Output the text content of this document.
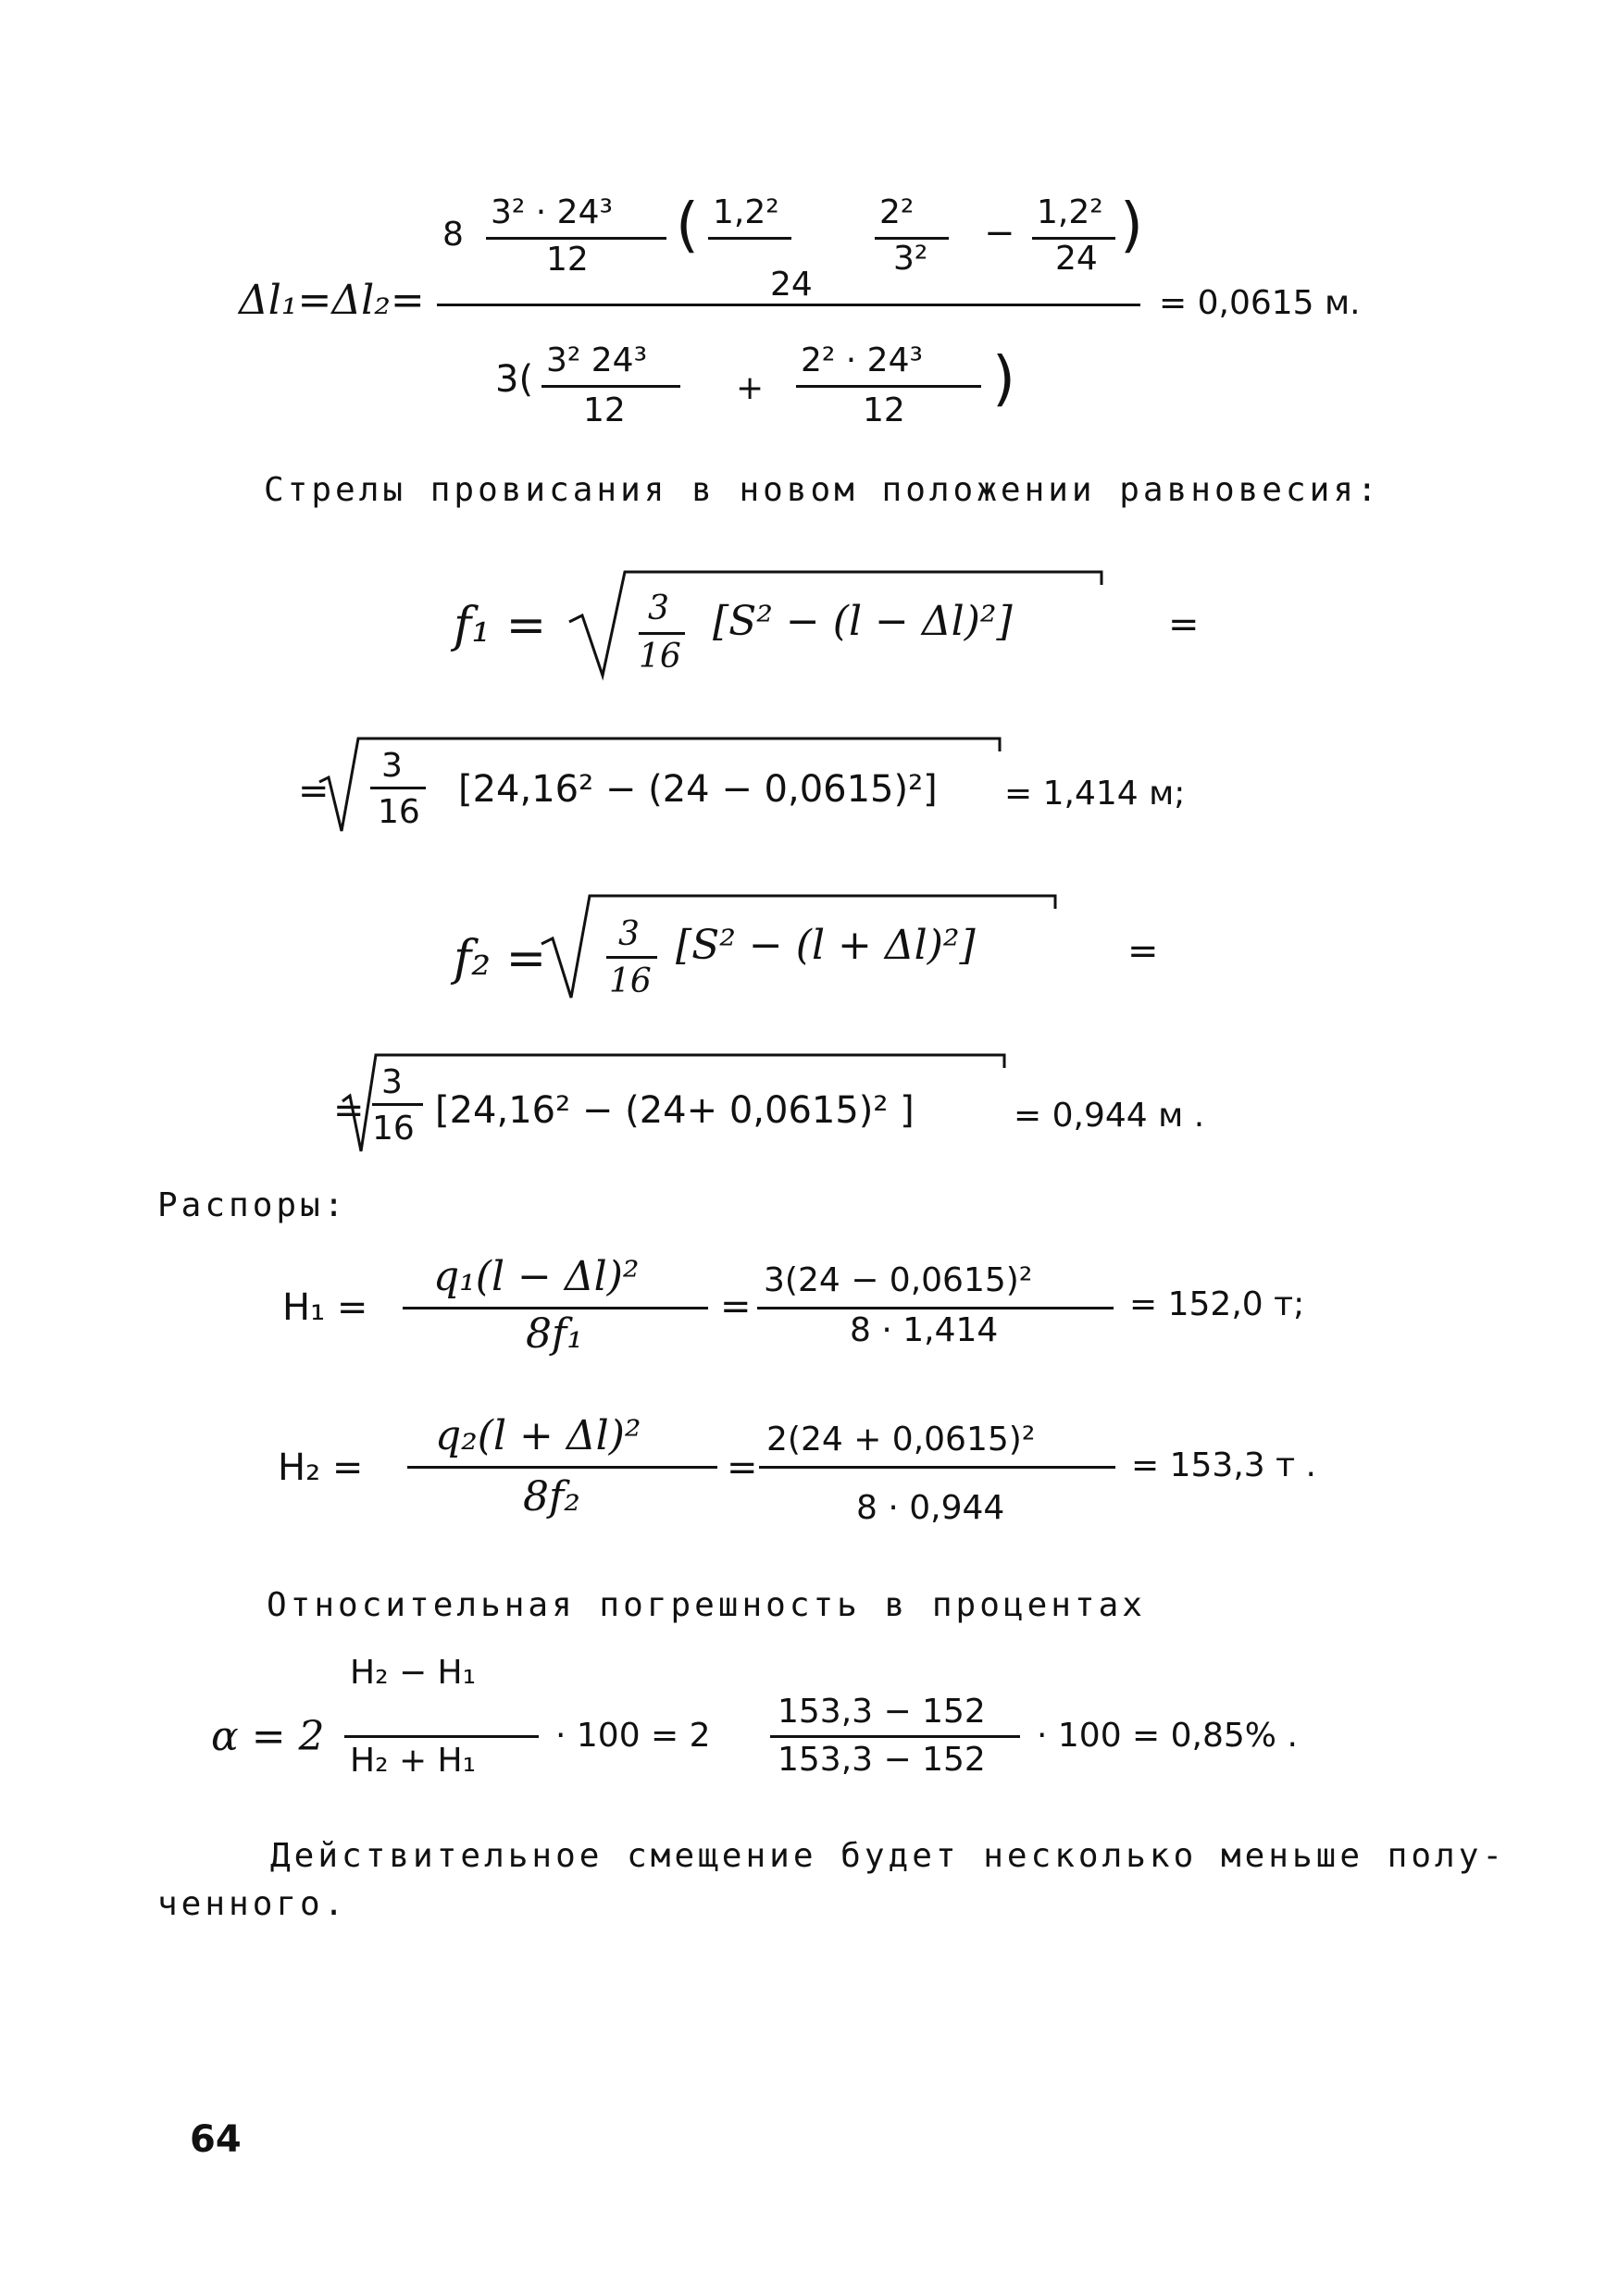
Δl₁=Δl₂=
8
3² · 24³
12 ( 1,2²
24
2²
3²
− 1,2²
24 )
= 0,0615 м.
3( 3² 24³
12
+
2² · 24³
12 )
Стрелы провисания в новом положении равновесия:
f₁ =	3
16
[S² − (l − Δl)²]	=
=
3
16
[24,16² − (24 − 0,0615)²] = 1,414 м;
f₂ = 3
16
[S² − (l + Δl)²]	=
=
3
16 [24,16² − (24+ 0,0615)² ]	= 0,944 м .
Распоры:
H₁ =
q₁(l − Δl)²
8f₁
=
3(24 − 0,0615)²
8 · 1,414
= 152,0 т;
H₂ =
q₂(l + Δl)²
8f₂
=
2(24 + 0,0615)²
8 · 0,944
= 153,3 т .
Относительная погрешность в процентах
α = 2
H₂ − H₁
H₂ + H₁
· 100 = 2
153,3 − 152
153,3 − 152
· 100 = 0,85% .
Действительное смещение будет несколько меньше полу-
ченного.
64
